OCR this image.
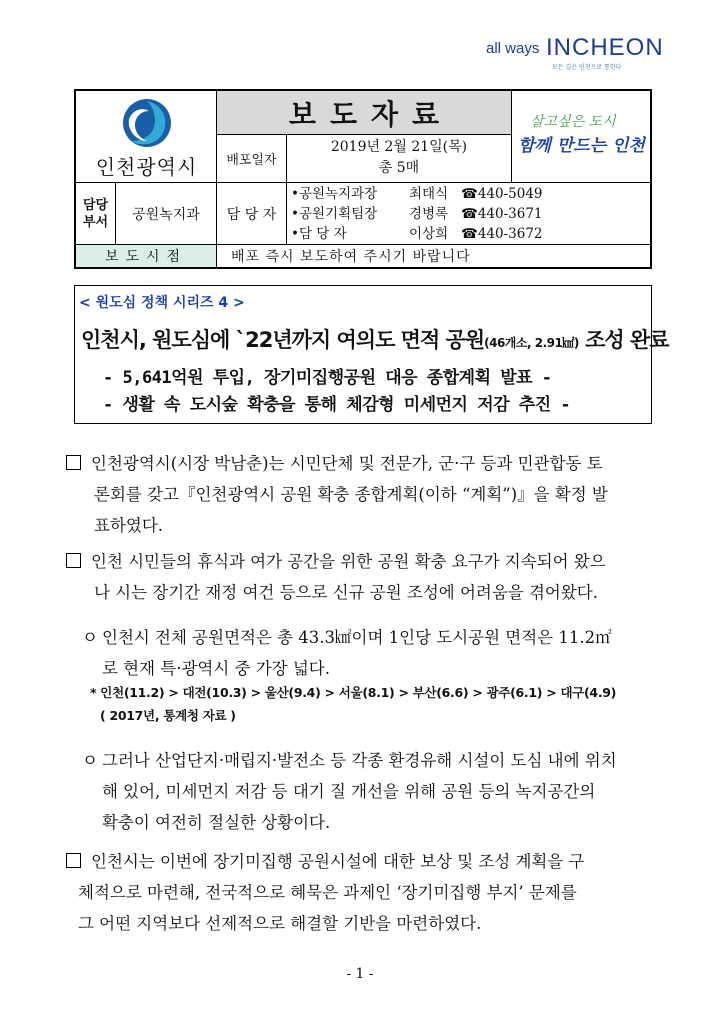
all ways INCHEON
모든 길은 인천으로 통한다
인천광역시
보도자료	살고싶은 도시
함께 만드는 인천
배포일자
2019년 2월 21일(목)
총 5매
담당 부서	공원녹지과	담 당 자
•공원녹지과장	최태식 ☎440-5049
•공원기획팀장	경병록 ☎440-3671
•담 당 자	이상희 ☎440-3672
보도시점	배포 즉시 보도하여 주시기 바랍니다
< 원도심 정책 시리즈 4 >
인천시, 원도심에 `22년까지 여의도 면적 공원(46개소, 2.91㎢) 조성 완료
- 5,641억원 투입, 장기미집행공원 대응 종합계획 발표 -
- 생활 속 도시숲 확충을 통해 체감형 미세먼지 저감 추진 -
인천광역시(시장 박남춘)는 시민단체 및 전문가, 군·구 등과 민관합동 토
론회를 갖고『인천광역시 공원 확충 종합계획(이하 “계획”)』을 확정 발
표하였다.
인천 시민들의 휴식과 여가 공간을 위한 공원 확충 요구가 지속되어 왔으
나 시는 장기간 재정 여건 등으로 신규 공원 조성에 어려움을 겪어왔다.
ㅇ 인천시 전체 공원면적은 총 43.3㎢이며 1인당 도시공원 면적은 11.2㎡
로 현재 특·광역시 중 가장 넓다.
* 인천(11.2) > 대전(10.3) > 울산(9.4) > 서울(8.1) > 부산(6.6) > 광주(6.1) > 대구(4.9)
( 2017년, 통계청 자료 )
ㅇ 그러나 산업단지·매립지·발전소 등 각종 환경유해 시설이 도심 내에 위치
해 있어, 미세먼지 저감 등 대기 질 개선을 위해 공원 등의 녹지공간의
확충이 여전히 절실한 상황이다.
인천시는 이번에 장기미집행 공원시설에 대한 보상 및 조성 계획을 구
체적으로 마련해, 전국적으로 혜묵은 과제인 ‘장기미집행 부지’ 문제를
그 어떤 지역보다 선제적으로 해결할 기반을 마련하였다.
- 1 -
